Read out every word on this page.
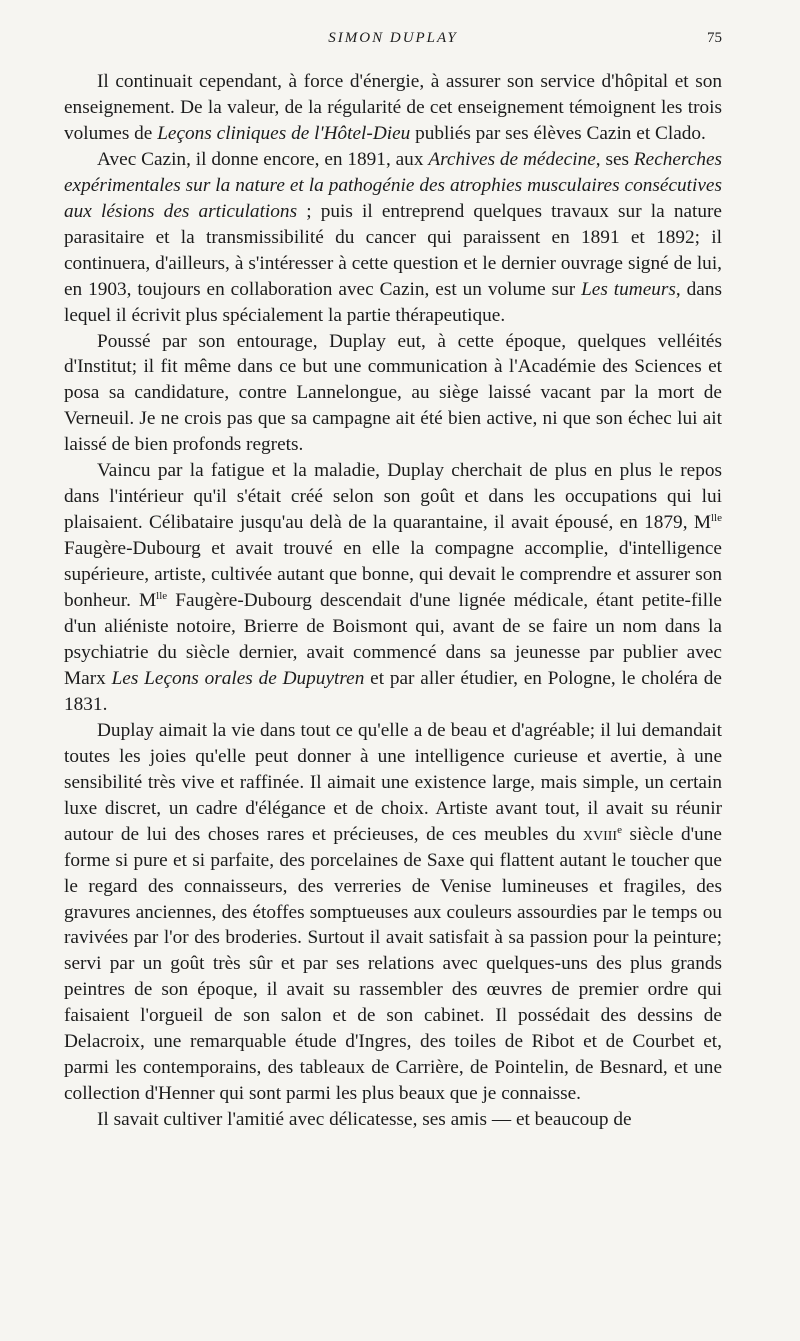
SIMON DUPLAY	75

Il continuait cependant, à force d'énergie, à assurer son service d'hôpital et son enseignement. De la valeur, de la régularité de cet enseignement témoignent les trois volumes de Leçons cliniques de l'Hôtel-Dieu publiés par ses élèves Cazin et Clado.

Avec Cazin, il donne encore, en 1891, aux Archives de médecine, ses Recherches expérimentales sur la nature et la pathogénie des atrophies musculaires consécutives aux lésions des articulations ; puis il entreprend quelques travaux sur la nature parasitaire et la transmissibilité du cancer qui paraissent en 1891 et 1892; il continuera, d'ailleurs, à s'intéresser à cette question et le dernier ouvrage signé de lui, en 1903, toujours en collaboration avec Cazin, est un volume sur Les tumeurs, dans lequel il écrivit plus spécialement la partie thérapeutique.

Poussé par son entourage, Duplay eut, à cette époque, quelques velléités d'Institut; il fit même dans ce but une communication à l'Académie des Sciences et posa sa candidature, contre Lannelongue, au siège laissé vacant par la mort de Verneuil. Je ne crois pas que sa campagne ait été bien active, ni que son échec lui ait laissé de bien profonds regrets.

Vaincu par la fatigue et la maladie, Duplay cherchait de plus en plus le repos dans l'intérieur qu'il s'était créé selon son goût et dans les occupations qui lui plaisaient. Célibataire jusqu'au delà de la quarantaine, il avait épousé, en 1879, $M^{lle}$ Faugère-Dubourg et avait trouvé en elle la compagne accomplie, d'intelligence supérieure, artiste, cultivée autant que bonne, qui devait le comprendre et assurer son bonheur. $M^{lle}$ Faugère-Dubourg descendait d'une lignée médicale, étant petite-fille d'un aliéniste notoire, Brierre de Boismont qui, avant de se faire un nom dans la psychiatrie du siècle dernier, avait commencé dans sa jeunesse par publier avec Marx Les Leçons orales de Dupuytren et par aller étudier, en Pologne, le choléra de 1831.

Duplay aimait la vie dans tout ce qu'elle a de beau et d'agréable; il lui demandait toutes les joies qu'elle peut donner à une intelligence curieuse et avertie, à une sensibilité très vive et raffinée. Il aimait une existence large, mais simple, un certain luxe discret, un cadre d'élégance et de choix. Artiste avant tout, il avait su réunir autour de lui des choses rares et précieuses, de ces meubles du xviii$^e$ siècle d'une forme si pure et si parfaite, des porcelaines de Saxe qui flattent autant le toucher que le regard des connaisseurs, des verreries de Venise lumineuses et fragiles, des gravures anciennes, des étoffes somptueuses aux couleurs assourdies par le temps ou ravivées par l'or des broderies. Surtout il avait satisfait à sa passion pour la peinture; servi par un goût très sûr et par ses relations avec quelques-uns des plus grands peintres de son époque, il avait su rassembler des œuvres de premier ordre qui faisaient l'orgueil de son salon et de son cabinet. Il possédait des dessins de Delacroix, une remarquable étude d'Ingres, des toiles de Ribot et de Courbet et, parmi les contemporains, des tableaux de Carrière, de Pointelin, de Besnard, et une collection d'Henner qui sont parmi les plus beaux que je connaisse.

Il savait cultiver l'amitié avec délicatesse, ses amis — et beaucoup de
